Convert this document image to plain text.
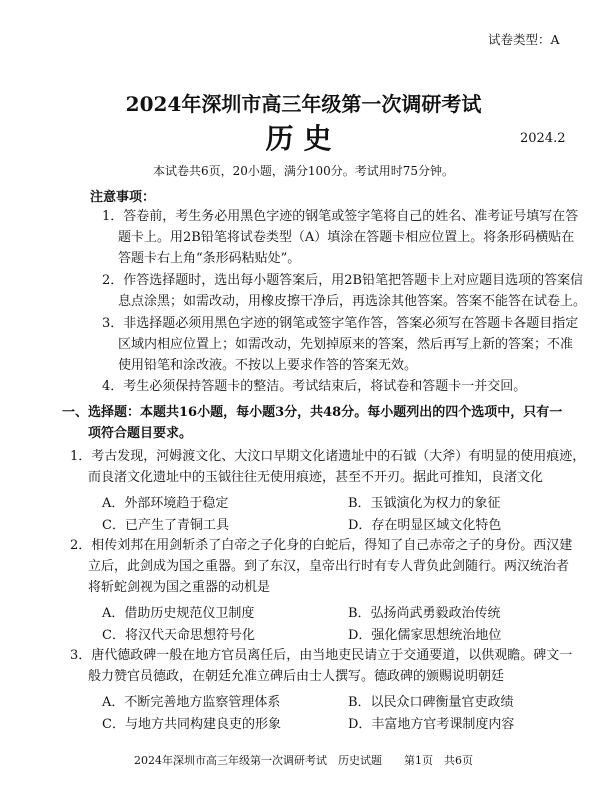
试卷类型：A
2024年深圳市高三年级第一次调研考试
历史	2024.2
本试卷共6页，20小题，满分100分。考试用时75分钟。
注意事项：
1．答卷前，考生务必用黑色字迹的钢笔或签字笔将自己的姓名、准考证号填写在答
题卡上。用2B铅笔将试卷类型（A）填涂在答题卡相应位置上。将条形码横贴在
答题卡右上角“条形码粘贴处”。
2．作答选择题时，选出每小题答案后，用2B铅笔把答题卡上对应题目选项的答案信
息点涂黑；如需改动，用橡皮擦干净后，再选涂其他答案。答案不能答在试卷上。
3．非选择题必须用黑色字迹的钢笔或签字笔作答，答案必须写在答题卡各题目指定
区域内相应位置上；如需改动，先划掉原来的答案，然后再写上新的答案；不准
使用铅笔和涂改液。不按以上要求作答的答案无效。
4．考生必须保持答题卡的整洁。考试结束后，将试卷和答题卡一并交回。
一、选择题：本题共16小题，每小题3分，共48分。每小题列出的四个选项中，只有一
项符合题目要求。
1．考古发现，河姆渡文化、大汶口早期文化诸遗址中的石钺（大斧）有明显的使用痕迹，
而良渚文化遗址中的玉钺往往无使用痕迹，甚至不开刃。据此可推知，良渚文化
A．外部环境趋于稳定	B．玉钺演化为权力的象征
C．已产生了青铜工具	D．存在明显区域文化特色
2．相传刘邦在用剑斩杀了白帝之子化身的白蛇后，得知了自己赤帝之子的身份。西汉建
立后，此剑成为国之重器。到了东汉，皇帝出行时有专人背负此剑随行。两汉统治者
将斩蛇剑视为国之重器的动机是
A．借助历史规范仪卫制度	B．弘扬尚武勇毅政治传统
C．将汉代天命思想符号化	D．强化儒家思想统治地位
3．唐代德政碑一般在地方官员离任后，由当地吏民请立于交通要道，以供观瞻。碑文一
般力赞官员德政，在朝廷允准立碑后由士人撰写。德政碑的颁赐说明朝廷
A．不断完善地方监察管理体系	B．以民众口碑衡量官吏政绩
C．与地方共同构建良吏的形象	D．丰富地方官考课制度内容
2024年深圳市高三年级第一次调研考试　历史试题　　第1页　共6页
